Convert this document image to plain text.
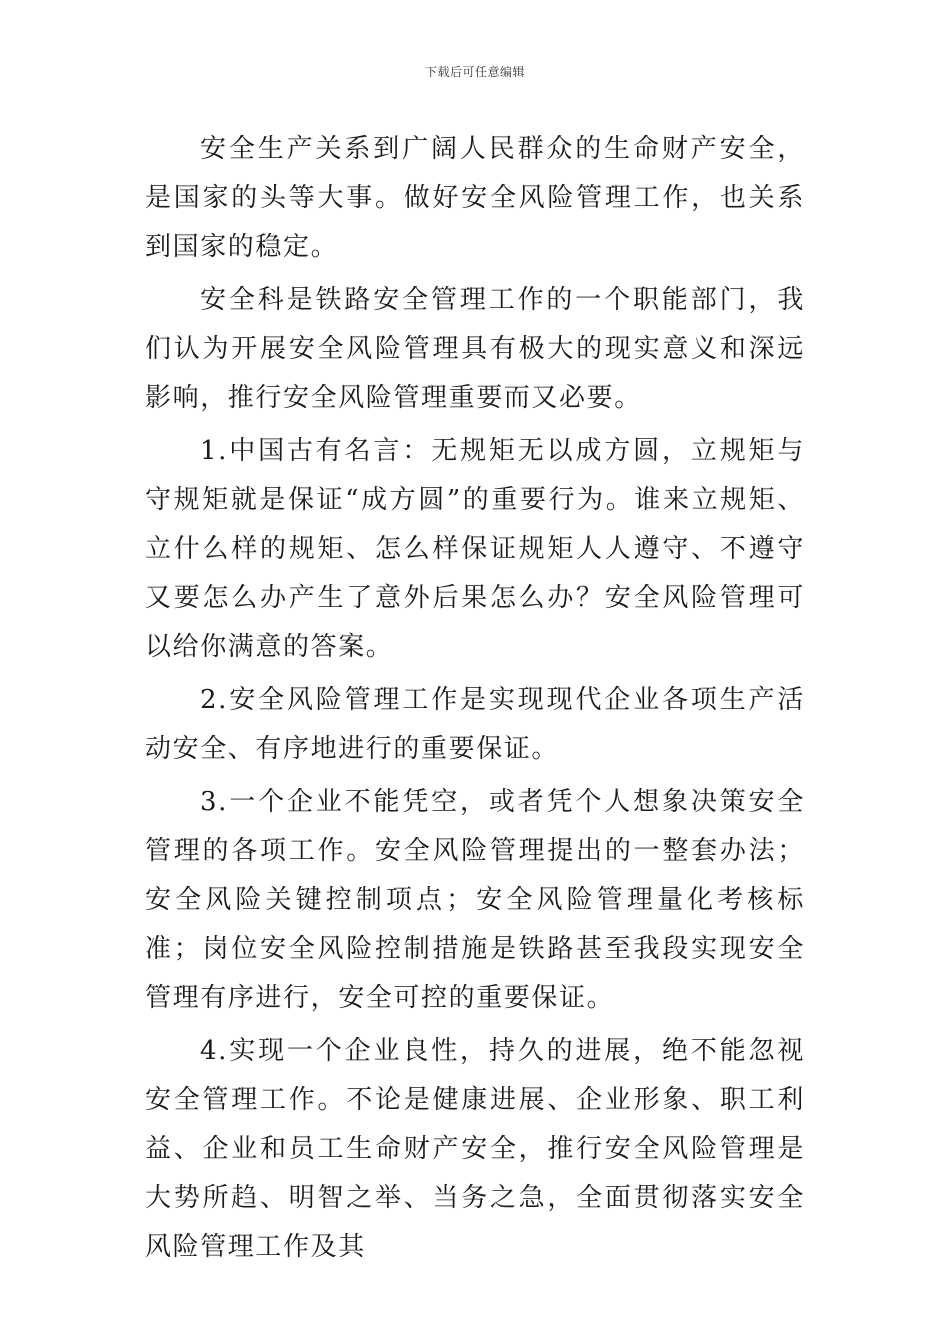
下载后可任意编辑

安全生产关系到广阔人民群众的生命财产安全，是国家的头等大事。做好安全风险管理工作，也关系到国家的稳定。

安全科是铁路安全管理工作的一个职能部门，我们认为开展安全风险管理具有极大的现实意义和深远影响，推行安全风险管理重要而又必要。

1.中国古有名言：无规矩无以成方圆，立规矩与守规矩就是保证“成方圆”的重要行为。谁来立规矩、立什么样的规矩、怎么样保证规矩人人遵守、不遵守又要怎么办产生了意外后果怎么办？安全风险管理可以给你满意的答案。

2.安全风险管理工作是实现现代企业各项生产活动安全、有序地进行的重要保证。

3.一个企业不能凭空，或者凭个人想象决策安全管理的各项工作。安全风险管理提出的一整套办法；安全风险关键控制项点；安全风险管理量化考核标准；岗位安全风险控制措施是铁路甚至我段实现安全管理有序进行，安全可控的重要保证。

4.实现一个企业良性，持久的进展，绝不能忽视安全管理工作。不论是健康进展、企业形象、职工利益、企业和员工生命财产安全，推行安全风险管理是大势所趋、明智之举、当务之急，全面贯彻落实安全风险管理工作及其
